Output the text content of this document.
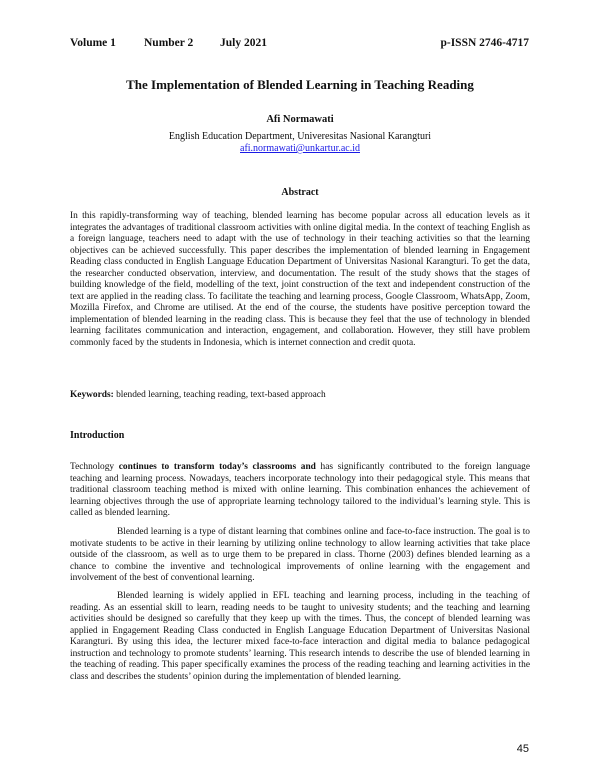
Volume 1 Number 2 July 2021	p-ISSN 2746-4717
The Implementation of Blended Learning in Teaching Reading
Afi Normawati
English Education Department, Univeresitas Nasional Karangturi
afi.normawati@unkartur.ac.id
Abstract

In this rapidly-transforming way of teaching, blended learning has become popular across all education levels as it integrates the advantages of traditional classroom activities with online digital media. In the context of teaching English as a foreign language, teachers need to adapt with the use of technology in their teaching activities so that the learning objectives can be achieved successfully. This paper describes the implementation of blended learning in Engagement Reading class conducted in English Language Education Department of Universitas Nasional Karangturi. To get the data, the researcher conducted observation, interview, and documentation. The result of the study shows that the stages of building knowledge of the field, modelling of the text, joint construction of the text and independent construction of the text are applied in the reading class. To facilitate the teaching and learning process, Google Classroom, WhatsApp, Zoom, Mozilla Firefox, and Chrome are utilised. At the end of the course, the students have positive perception toward the implementation of blended learning in the reading class. This is because they feel that the use of technology in blended learning facilitates communication and interaction, engagement, and collaboration. However, they still have problem commonly faced by the students in Indonesia, which is internet connection and credit quota.

Keywords: blended learning, teaching reading, text-based approach

Introduction

Technology continues to transform today’s classrooms and has significantly contributed to the foreign language teaching and learning process. Nowadays, teachers incorporate technology into their pedagogical style. This means that traditional classroom teaching method is mixed with online learning. This combination enhances the achievement of learning objectives through the use of appropriate learning technology tailored to the individual’s learning style. This is called as blended learning.

Blended learning is a type of distant learning that combines online and face-to-face instruction. The goal is to motivate students to be active in their learning by utilizing online technology to allow learning activities that take place outside of the classroom, as well as to urge them to be prepared in class. Thorne (2003) defines blended learning as a chance to combine the inventive and technological improvements of online learning with the engagement and involvement of the best of conventional learning.

Blended learning is widely applied in EFL teaching and learning process, including in the teaching of reading. As an essential skill to learn, reading needs to be taught to univesity students; and the teaching and learning activities should be designed so carefully that they keep up with the times. Thus, the concept of blended learning was applied in Engagement Reading Class conducted in English Language Education Department of Universitas Nasional Karangturi. By using this idea, the lecturer mixed face-to-face interaction and digital media to balance pedagogical instruction and technology to promote students’ learning. This research intends to describe the use of blended learning in the teaching of reading. This paper specifically examines the process of the reading teaching and learning activities in the class and describes the students’ opinion during the implementation of blended learning.

45
